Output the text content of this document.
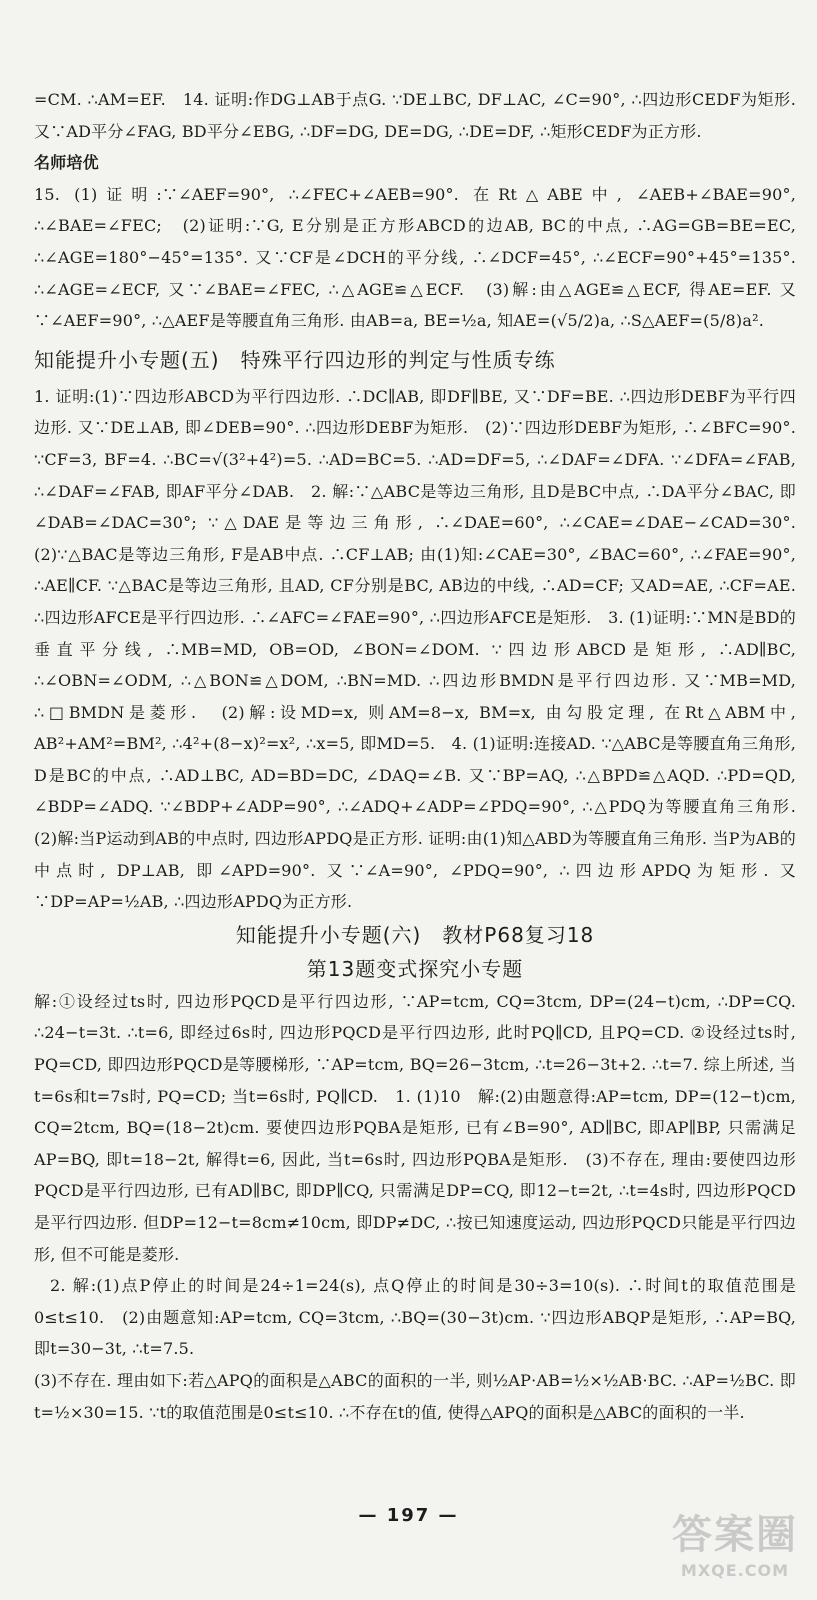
=CM. ∴AM=EF.　14. 证明:作DG⊥AB于点G. ∵DE⊥BC, DF⊥AC, ∠C=90°, ∴四边形CEDF为矩形. 又∵AD平分∠FAG, BD平分∠EBG, ∴DF=DG, DE=DG, ∴DE=DF, ∴矩形CEDF为正方形.

名师培优

15. (1)证明:∵∠AEF=90°, ∴∠FEC+∠AEB=90°. 在Rt△ABE中, ∠AEB+∠BAE=90°, ∴∠BAE=∠FEC;　(2)证明:∵G, E分别是正方形ABCD的边AB, BC的中点, ∴AG=GB=BE=EC, ∴∠AGE=180°−45°=135°. 又∵CF是∠DCH的平分线, ∴∠DCF=45°, ∴∠ECF=90°+45°=135°. ∴∠AGE=∠ECF, 又∵∠BAE=∠FEC, ∴△AGE≌△ECF.　(3)解:由△AGE≌△ECF, 得AE=EF. 又∵∠AEF=90°, ∴△AEF是等腰直角三角形. 由AB=a, BE=½a, 知AE=(√5/2)a, ∴S△AEF=(5/8)a².

知能提升小专题(五)　特殊平行四边形的判定与性质专练

1. 证明:(1)∵四边形ABCD为平行四边形. ∴DC∥AB, 即DF∥BE, 又∵DF=BE. ∴四边形DEBF为平行四边形. 又∵DE⊥AB, 即∠DEB=90°. ∴四边形DEBF为矩形.　(2)∵四边形DEBF为矩形, ∴∠BFC=90°. ∵CF=3, BF=4. ∴BC=√(3²+4²)=5. ∴AD=BC=5. ∴AD=DF=5, ∴∠DAF=∠DFA. ∵∠DFA=∠FAB, ∴∠DAF=∠FAB, 即AF平分∠DAB.　2. 解:∵△ABC是等边三角形, 且D是BC中点, ∴DA平分∠BAC, 即∠DAB=∠DAC=30°; ∵△DAE是等边三角形, ∴∠DAE=60°, ∴∠CAE=∠DAE−∠CAD=30°.　(2)∵△BAC是等边三角形, F是AB中点. ∴CF⊥AB; 由(1)知:∠CAE=30°, ∠BAC=60°, ∴∠FAE=90°, ∴AE∥CF. ∵△BAC是等边三角形, 且AD, CF分别是BC, AB边的中线, ∴AD=CF; 又AD=AE, ∴CF=AE. ∴四边形AFCE是平行四边形. ∴∠AFC=∠FAE=90°, ∴四边形AFCE是矩形.　3. (1)证明:∵MN是BD的垂直平分线, ∴MB=MD, OB=OD, ∠BON=∠DOM. ∵四边形ABCD是矩形, ∴AD∥BC, ∴∠OBN=∠ODM, ∴△BON≌△DOM, ∴BN=MD. ∴四边形BMDN是平行四边形. 又∵MB=MD, ∴□BMDN是菱形.　(2)解:设MD=x, 则AM=8−x, BM=x, 由勾股定理, 在Rt△ABM中, AB²+AM²=BM², ∴4²+(8−x)²=x², ∴x=5, 即MD=5.　4. (1)证明:连接AD. ∵△ABC是等腰直角三角形, D是BC的中点, ∴AD⊥BC, AD=BD=DC, ∠DAQ=∠B. 又∵BP=AQ, ∴△BPD≌△AQD. ∴PD=QD, ∠BDP=∠ADQ. ∵∠BDP+∠ADP=90°, ∴∠ADQ+∠ADP=∠PDQ=90°, ∴△PDQ为等腰直角三角形.　(2)解:当P运动到AB的中点时, 四边形APDQ是正方形. 证明:由(1)知△ABD为等腰直角三角形. 当P为AB的中点时, DP⊥AB, 即∠APD=90°. 又∵∠A=90°, ∠PDQ=90°, ∴四边形APDQ为矩形. 又∵DP=AP=½AB, ∴四边形APDQ为正方形.

知能提升小专题(六)　教材P68复习18

第13题变式探究小专题

解:①设经过ts时, 四边形PQCD是平行四边形, ∵AP=tcm, CQ=3tcm, DP=(24−t)cm, ∴DP=CQ. ∴24−t=3t. ∴t=6, 即经过6s时, 四边形PQCD是平行四边形, 此时PQ∥CD, 且PQ=CD. ②设经过ts时, PQ=CD, 即四边形PQCD是等腰梯形, ∵AP=tcm, BQ=26−3tcm, ∴t=26−3t+2. ∴t=7. 综上所述, 当t=6s和t=7s时, PQ=CD; 当t=6s时, PQ∥CD.　1. (1)10　解:(2)由题意得:AP=tcm, DP=(12−t)cm, CQ=2tcm, BQ=(18−2t)cm. 要使四边形PQBA是矩形, 已有∠B=90°, AD∥BC, 即AP∥BP, 只需满足AP=BQ, 即t=18−2t, 解得t=6, 因此, 当t=6s时, 四边形PQBA是矩形.　(3)不存在, 理由:要使四边形PQCD是平行四边形, 已有AD∥BC, 即DP∥CQ, 只需满足DP=CQ, 即12−t=2t, ∴t=4s时, 四边形PQCD是平行四边形. 但DP=12−t=8cm≠10cm, 即DP≠DC, ∴按已知速度运动, 四边形PQCD只能是平行四边形, 但不可能是菱形.

2. 解:(1)点P停止的时间是24÷1=24(s), 点Q停止的时间是30÷3=10(s). ∴时间t的取值范围是0≤t≤10.　(2)由题意知:AP=tcm, CQ=3tcm, ∴BQ=(30−3t)cm. ∵四边形ABQP是矩形, ∴AP=BQ, 即t=30−3t, ∴t=7.5.

(3)不存在. 理由如下:若△APQ的面积是△ABC的面积的一半, 则½AP·AB=½×½AB·BC. ∴AP=½BC. 即t=½×30=15. ∵t的取值范围是0≤t≤10. ∴不存在t的值, 使得△APQ的面积是△ABC的面积的一半.

— 197 —	答案圈
MXQE.COM
